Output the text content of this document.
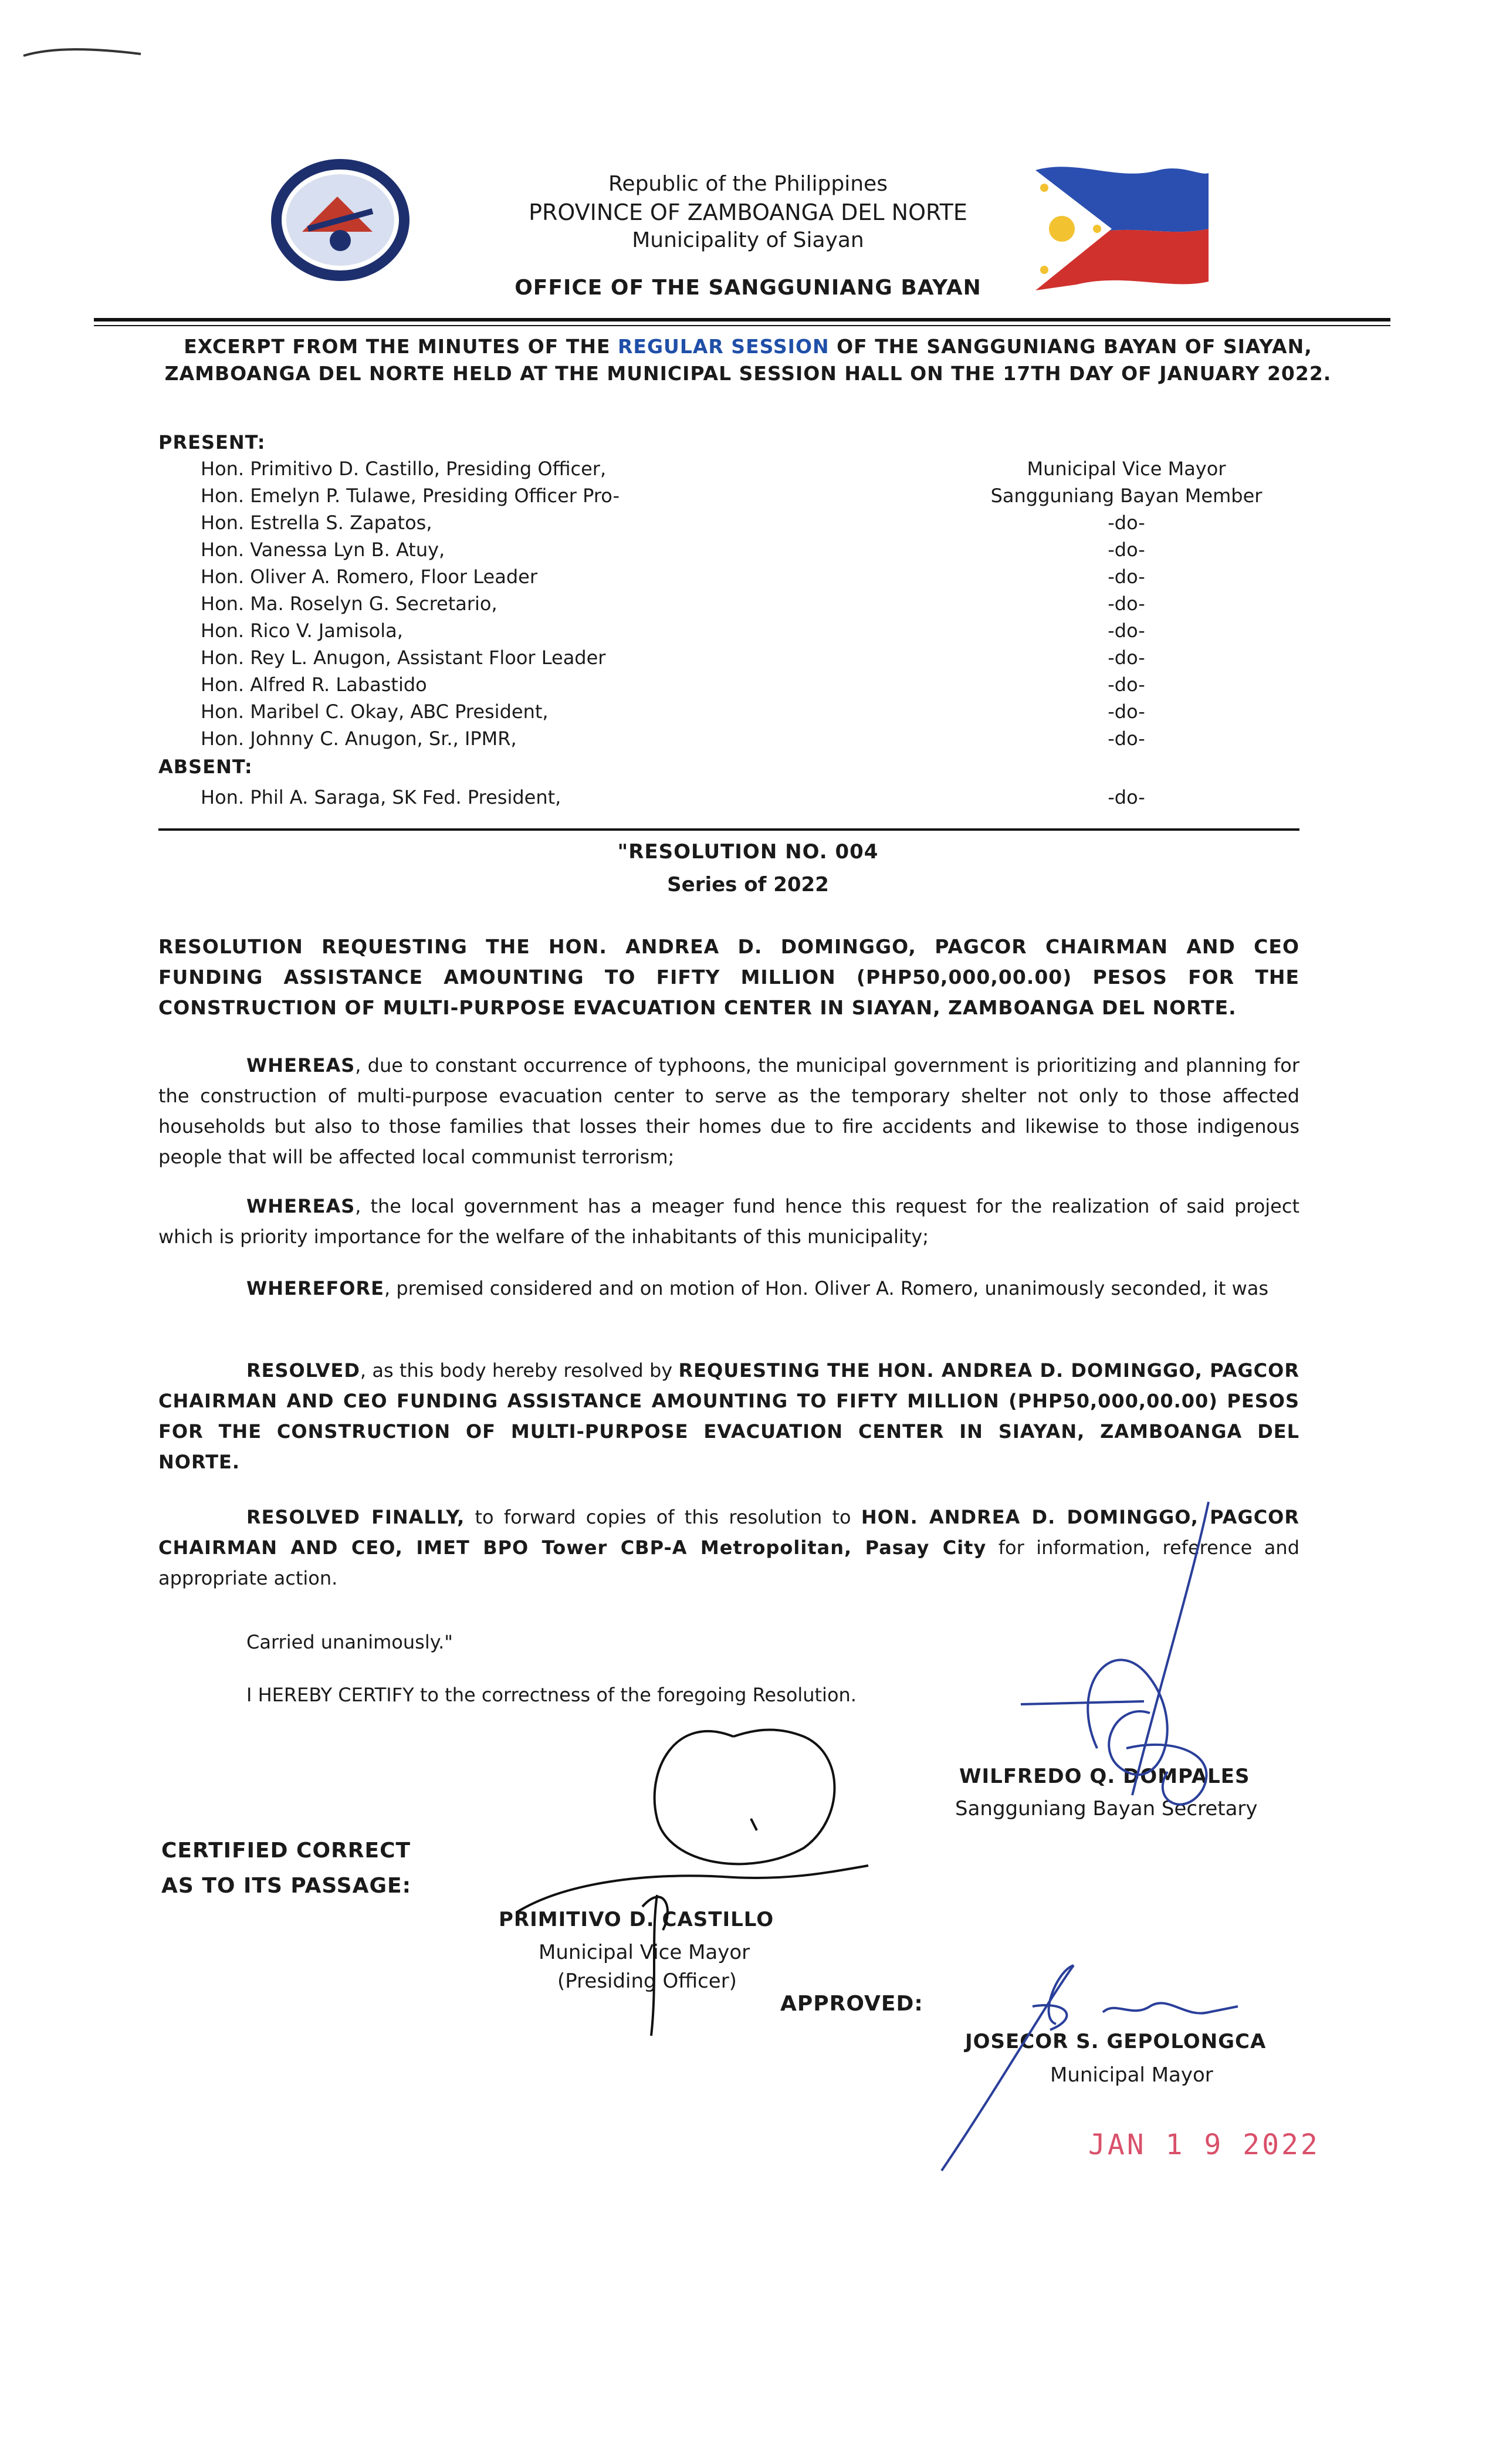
Republic of the Philippines
PROVINCE OF ZAMBOANGA DEL NORTE
Municipality of Siayan
OFFICE OF THE SANGGUNIANG BAYAN
EXCERPT FROM THE MINUTES OF THE REGULAR SESSION OF THE SANGGUNIANG BAYAN OF SIAYAN, ZAMBOANGA DEL NORTE HELD AT THE MUNICIPAL SESSION HALL ON THE 17TH DAY OF JANUARY 2022.
PRESENT:
Hon. Primitivo D. Castillo, Presiding Officer,	Municipal Vice Mayor
Hon. Emelyn P. Tulawe, Presiding Officer Pro-	Sangguniang Bayan Member
Hon. Estrella S. Zapatos,	-do-
Hon. Vanessa Lyn B. Atuy,	-do-
Hon. Oliver A. Romero, Floor Leader	-do-
Hon. Ma. Roselyn G. Secretario,	-do-
Hon. Rico V. Jamisola,	-do-
Hon. Rey L. Anugon, Assistant Floor Leader	-do-
Hon. Alfred R. Labastido	-do-
Hon. Maribel C. Okay, ABC President,	-do-
Hon. Johnny C. Anugon, Sr., IPMR,	-do-
ABSENT:
Hon. Phil A. Saraga, SK Fed. President,	-do-
"RESOLUTION NO. 004
Series of 2022
RESOLUTION REQUESTING THE HON. ANDREA D. DOMINGGO, PAGCOR CHAIRMAN AND CEO FUNDING ASSISTANCE AMOUNTING TO FIFTY MILLION (PHP50,000,00.00) PESOS FOR THE CONSTRUCTION OF MULTI-PURPOSE EVACUATION CENTER IN SIAYAN, ZAMBOANGA DEL NORTE.
WHEREAS, due to constant occurrence of typhoons, the municipal government is prioritizing and planning for the construction of multi-purpose evacuation center to serve as the temporary shelter not only to those affected households but also to those families that losses their homes due to fire accidents and likewise to those indigenous people that will be affected local communist terrorism;
WHEREAS, the local government has a meager fund hence this request for the realization of said project which is priority importance for the welfare of the inhabitants of this municipality;
WHEREFORE, premised considered and on motion of Hon. Oliver A. Romero, unanimously seconded, it was
RESOLVED, as this body hereby resolved by REQUESTING THE HON. ANDREA D. DOMINGGO, PAGCOR CHAIRMAN AND CEO FUNDING ASSISTANCE AMOUNTING TO FIFTY MILLION (PHP50,000,00.00) PESOS FOR THE CONSTRUCTION OF MULTI-PURPOSE EVACUATION CENTER IN SIAYAN, ZAMBOANGA DEL NORTE.
RESOLVED FINALLY, to forward copies of this resolution to HON. ANDREA D. DOMINGGO, PAGCOR CHAIRMAN AND CEO, IMET BPO Tower CBP-A Metropolitan, Pasay City for information, reference and appropriate action.
Carried unanimously."
I HEREBY CERTIFY to the correctness of the foregoing Resolution.
WILFREDO Q. DOMPALES
Sangguniang Bayan Secretary
CERTIFIED CORRECT
AS TO ITS PASSAGE:
PRIMITIVO D. CASTILLO
Municipal Vice Mayor
(Presiding Officer)
APPROVED:
JOSECOR S. GEPOLONGCA
Municipal Mayor
JAN 1 9 2022
